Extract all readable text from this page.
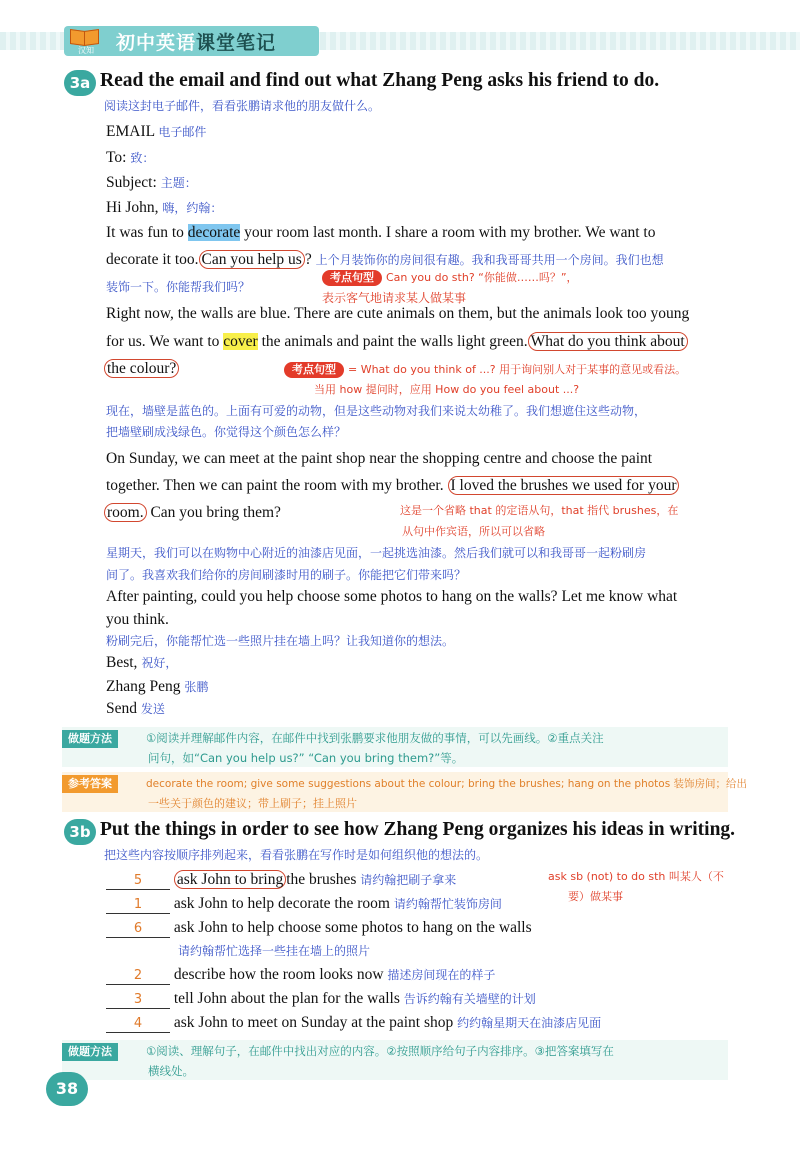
汉知	初中英语课堂笔记
3a Read the email and find out what Zhang Peng asks his friend to do.
阅读这封电子邮件，看看张鹏请求他的朋友做什么。
EMAIL 电子邮件
To: 致：
Subject: 主题：
Hi John, 嗨，约翰：
It was fun to decorate your room last month. I share a room with my brother. We want to
decorate it too. Can you help us ? 上个月装饰你的房间很有趣。我和我哥哥共用一个房间。我们也想
考点句型 Can you do sth? “你能做……吗？”，
装饰一下。你能帮我们吗？
表示客气地请求某人做某事
Right now, the walls are blue. There are cute animals on them, but the animals look too young
for us. We want to cover the animals and paint the walls light green. What do you think about
the colour?	考点句型 = What do you think of ...? 用于询问别人对于某事的意见或看法。
当用 how 提问时，应用 How do you feel about ...?
现在，墙壁是蓝色的。上面有可爱的动物，但是这些动物对我们来说太幼稚了。我们想遮住这些动物，
把墙壁刷成浅绿色。你觉得这个颜色怎么样？
On Sunday, we can meet at the paint shop near the shopping centre and choose the paint
together. Then we can paint the room with my brother. I loved the brushes we used for your
room. Can you bring them?	这是一个省略 that 的定语从句，that 指代 brushes，在
从句中作宾语，所以可以省略
星期天，我们可以在购物中心附近的油漆店见面，一起挑选油漆。然后我们就可以和我哥哥一起粉刷房
间了。我喜欢我们给你的房间刷漆时用的刷子。你能把它们带来吗？
After painting, could you help choose some photos to hang on the walls? Let me know what
you think.
粉刷完后，你能帮忙选一些照片挂在墙上吗？让我知道你的想法。
Best, 祝好，
Zhang Peng 张鹏
Send 发送
做题方法	①阅读并理解邮件内容，在邮件中找到张鹏要求他朋友做的事情，可以先画线。②重点关注
问句，如“Can you help us?” “Can you bring them?”等。
参考答案	decorate the room; give some suggestions about the colour; bring the brushes; hang on the photos 装饰房间；给出
一些关于颜色的建议；带上刷子；挂上照片
3b Put the things in order to see how Zhang Peng organizes his ideas in writing.
把这些内容按顺序排列起来，看看张鹏在写作时是如何组织他的想法的。
5 ask John to bring the brushes 请约翰把刷子拿来
1 ask John to help decorate the room 请约翰帮忙装饰房间
6 ask John to help choose some photos to hang on the walls
请约翰帮忙选择一些挂在墙上的照片
2 describe how the room looks now 描述房间现在的样子
3 tell John about the plan for the walls 告诉约翰有关墙壁的计划
4 ask John to meet on Sunday at the paint shop 约约翰星期天在油漆店见面
ask sb (not) to do sth 叫某人（不
要）做某事
做题方法	①阅读、理解句子，在邮件中找出对应的内容。②按照顺序给句子内容排序。③把答案填写在
横线处。
38
